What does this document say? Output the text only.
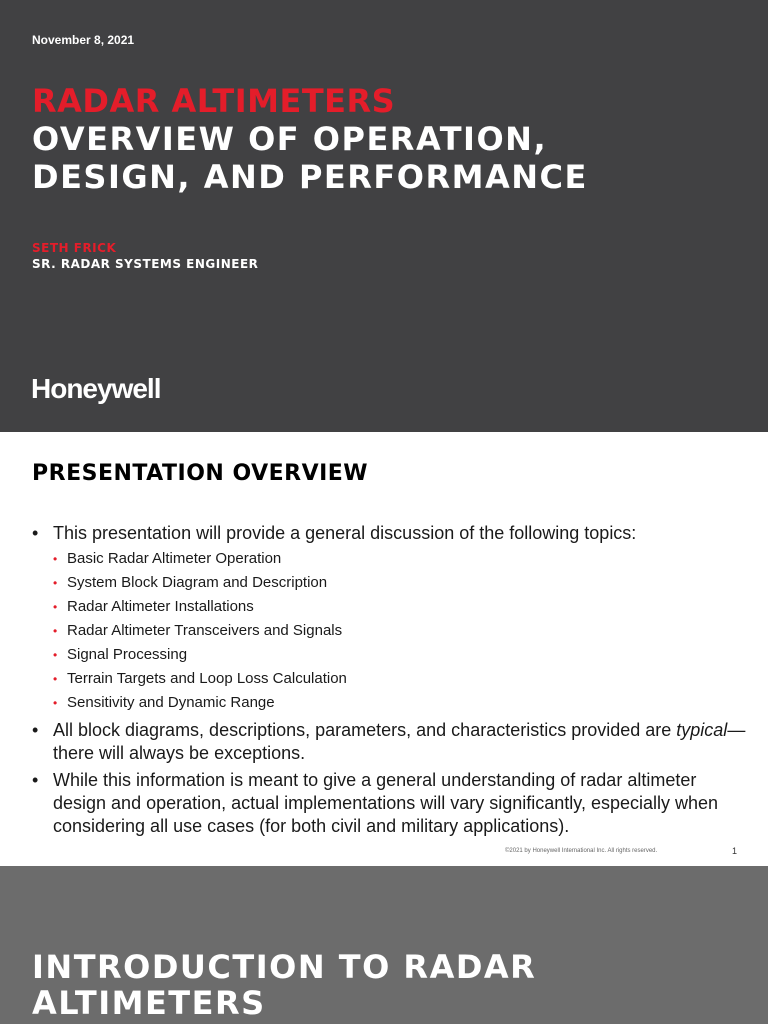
November 8, 2021
RADAR ALTIMETERS
OVERVIEW OF OPERATION,
DESIGN, AND PERFORMANCE
SETH FRICK
SR. RADAR SYSTEMS ENGINEER
Honeywell
PRESENTATION OVERVIEW
• This presentation will provide a general discussion of the following topics:
• Basic Radar Altimeter Operation
• System Block Diagram and Description
• Radar Altimeter Installations
• Radar Altimeter Transceivers and Signals
• Signal Processing
• Terrain Targets and Loop Loss Calculation
• Sensitivity and Dynamic Range
• All block diagrams, descriptions, parameters, and characteristics provided are typical—there will always be exceptions.
• While this information is meant to give a general understanding of radar altimeter design and operation, actual implementations will vary significantly, especially when considering all use cases (for both civil and military applications).
©2021 by Honeywell International Inc. All rights reserved.	1
INTRODUCTION TO RADAR
ALTIMETERS
